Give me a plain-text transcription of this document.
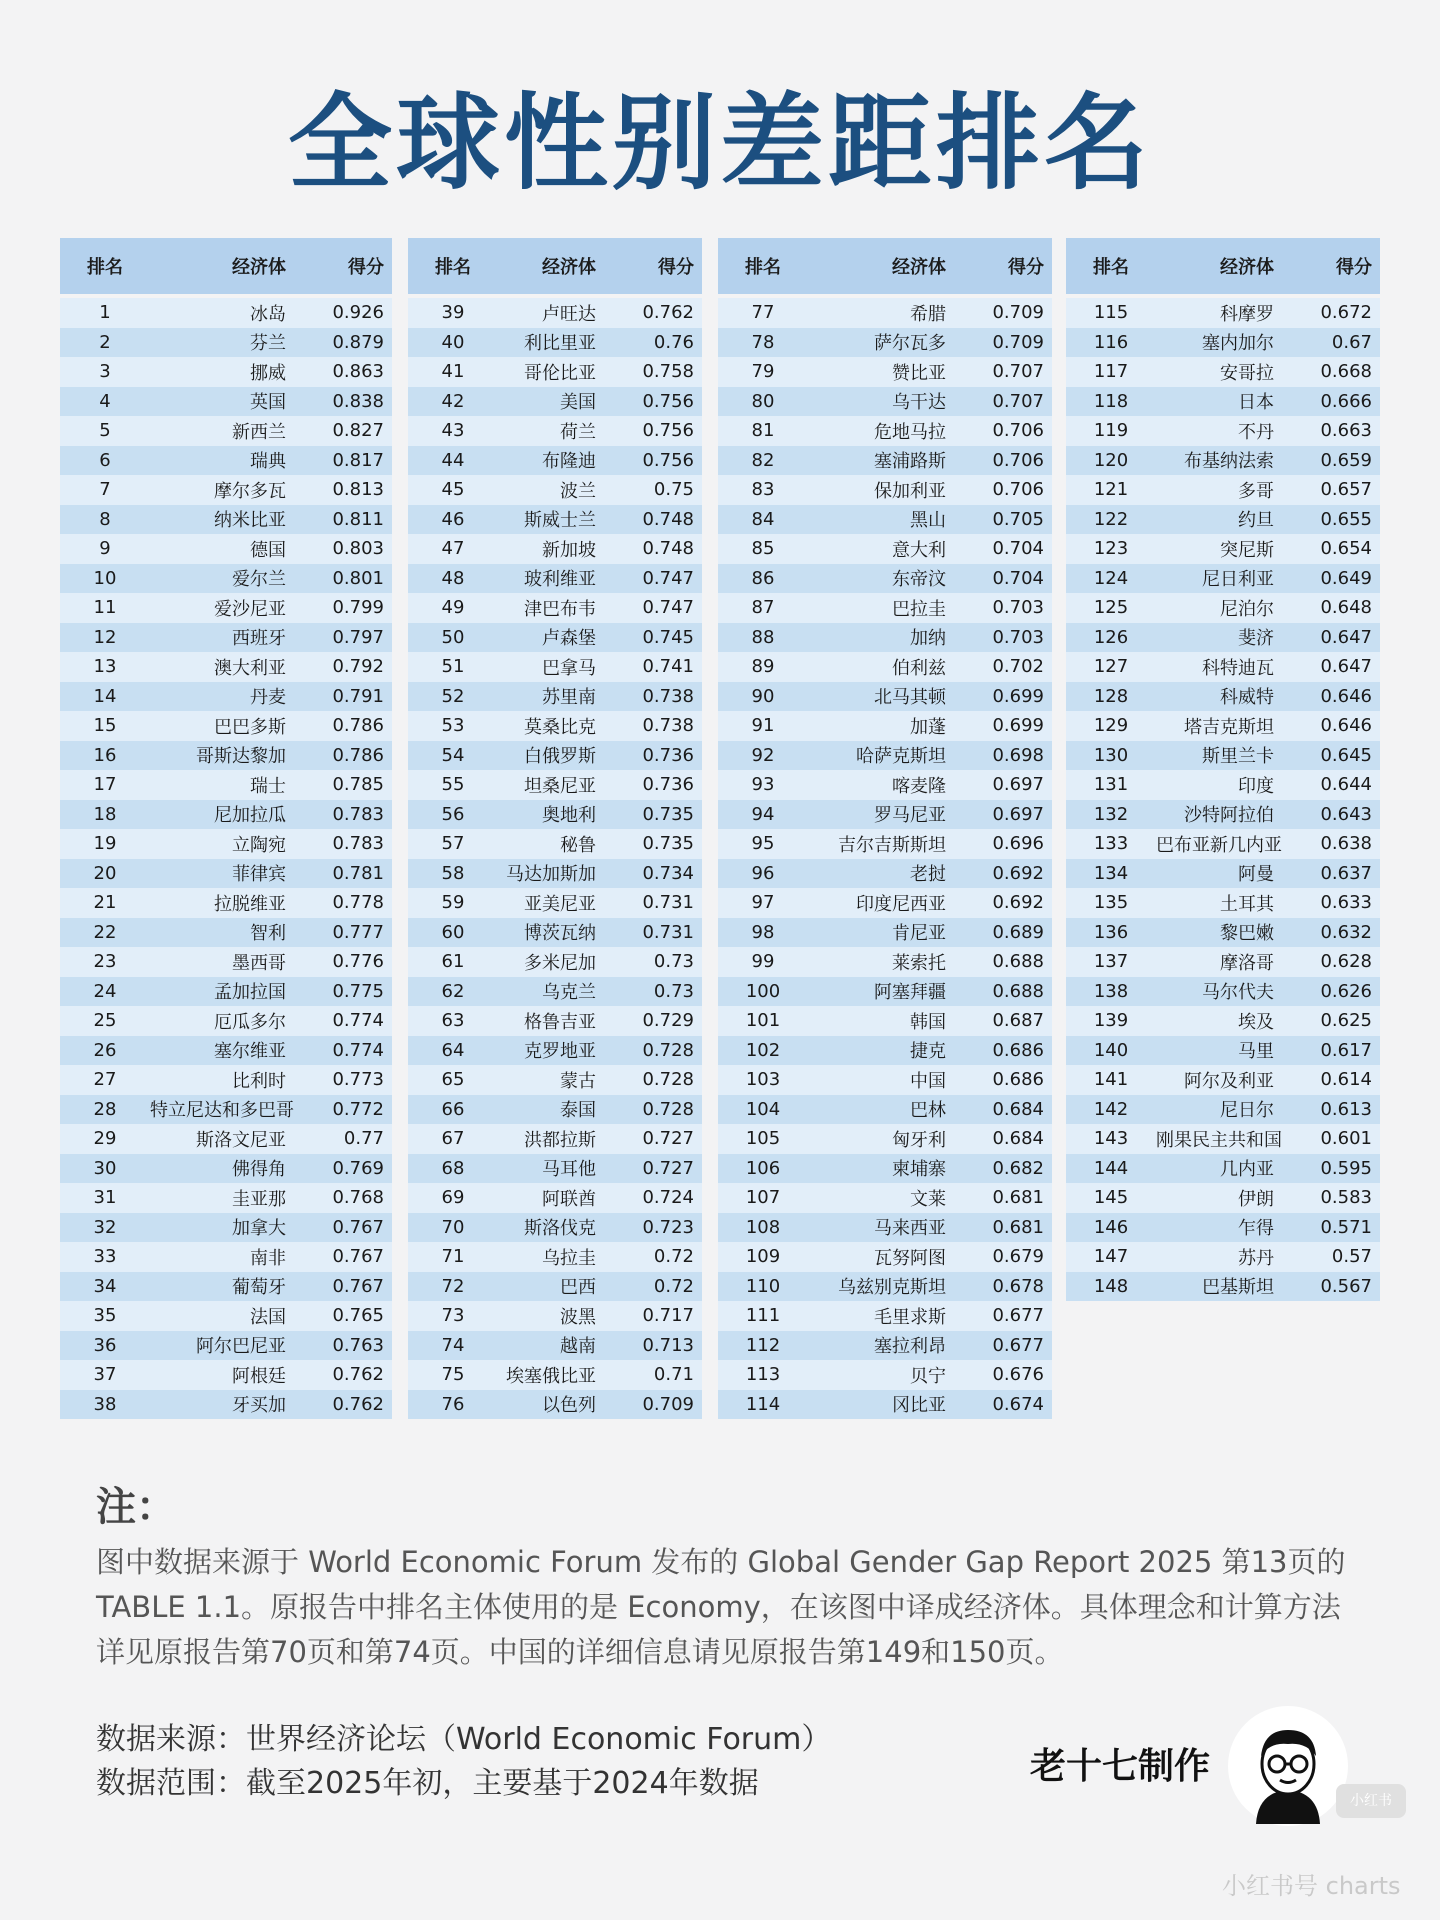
全球性别差距排名
排名	经济体	得分
1	冰岛	0.926
2	芬兰	0.879
3	挪威	0.863
4	英国	0.838
5	新西兰	0.827
6	瑞典	0.817
7	摩尔多瓦	0.813
8	纳米比亚	0.811
9	德国	0.803
10	爱尔兰	0.801
11	爱沙尼亚	0.799
12	西班牙	0.797
13	澳大利亚	0.792
14	丹麦	0.791
15	巴巴多斯	0.786
16	哥斯达黎加	0.786
17	瑞士	0.785
18	尼加拉瓜	0.783
19	立陶宛	0.783
20	菲律宾	0.781
21	拉脱维亚	0.778
22	智利	0.777
23	墨西哥	0.776
24	孟加拉国	0.775
25	厄瓜多尔	0.774
26	塞尔维亚	0.774
27	比利时	0.773
28	特立尼达和多巴哥	0.772
29	斯洛文尼亚	0.77
30	佛得角	0.769
31	圭亚那	0.768
32	加拿大	0.767
33	南非	0.767
34	葡萄牙	0.767
35	法国	0.765
36	阿尔巴尼亚	0.763
37	阿根廷	0.762
38	牙买加	0.762
排名	经济体	得分
39	卢旺达	0.762
40	利比里亚	0.76
41	哥伦比亚	0.758
42	美国	0.756
43	荷兰	0.756
44	布隆迪	0.756
45	波兰	0.75
46	斯威士兰	0.748
47	新加坡	0.748
48	玻利维亚	0.747
49	津巴布韦	0.747
50	卢森堡	0.745
51	巴拿马	0.741
52	苏里南	0.738
53	莫桑比克	0.738
54	白俄罗斯	0.736
55	坦桑尼亚	0.736
56	奥地利	0.735
57	秘鲁	0.735
58	马达加斯加	0.734
59	亚美尼亚	0.731
60	博茨瓦纳	0.731
61	多米尼加	0.73
62	乌克兰	0.73
63	格鲁吉亚	0.729
64	克罗地亚	0.728
65	蒙古	0.728
66	泰国	0.728
67	洪都拉斯	0.727
68	马耳他	0.727
69	阿联酋	0.724
70	斯洛伐克	0.723
71	乌拉圭	0.72
72	巴西	0.72
73	波黑	0.717
74	越南	0.713
75	埃塞俄比亚	0.71
76	以色列	0.709
排名	经济体	得分
77	希腊	0.709
78	萨尔瓦多	0.709
79	赞比亚	0.707
80	乌干达	0.707
81	危地马拉	0.706
82	塞浦路斯	0.706
83	保加利亚	0.706
84	黑山	0.705
85	意大利	0.704
86	东帝汶	0.704
87	巴拉圭	0.703
88	加纳	0.703
89	伯利兹	0.702
90	北马其顿	0.699
91	加蓬	0.699
92	哈萨克斯坦	0.698
93	喀麦隆	0.697
94	罗马尼亚	0.697
95	吉尔吉斯斯坦	0.696
96	老挝	0.692
97	印度尼西亚	0.692
98	肯尼亚	0.689
99	莱索托	0.688
100	阿塞拜疆	0.688
101	韩国	0.687
102	捷克	0.686
103	中国	0.686
104	巴林	0.684
105	匈牙利	0.684
106	柬埔寨	0.682
107	文莱	0.681
108	马来西亚	0.681
109	瓦努阿图	0.679
110	乌兹别克斯坦	0.678
111	毛里求斯	0.677
112	塞拉利昂	0.677
113	贝宁	0.676
114	冈比亚	0.674
排名	经济体	得分
115	科摩罗	0.672
116	塞内加尔	0.67
117	安哥拉	0.668
118	日本	0.666
119	不丹	0.663
120	布基纳法索	0.659
121	多哥	0.657
122	约旦	0.655
123	突尼斯	0.654
124	尼日利亚	0.649
125	尼泊尔	0.648
126	斐济	0.647
127	科特迪瓦	0.647
128	科威特	0.646
129	塔吉克斯坦	0.646
130	斯里兰卡	0.645
131	印度	0.644
132	沙特阿拉伯	0.643
133	巴布亚新几内亚	0.638
134	阿曼	0.637
135	土耳其	0.633
136	黎巴嫩	0.632
137	摩洛哥	0.628
138	马尔代夫	0.626
139	埃及	0.625
140	马里	0.617
141	阿尔及利亚	0.614
142	尼日尔	0.613
143	刚果民主共和国	0.601
144	几内亚	0.595
145	伊朗	0.583
146	乍得	0.571
147	苏丹	0.57
148	巴基斯坦	0.567
注：
图中数据来源于 World Economic Forum 发布的 Global Gender Gap Report 2025 第13页的 TABLE 1.1。原报告中排名主体使用的是 Economy，在该图中译成经济体。具体理念和计算方法详见原报告第70页和第74页。中国的详细信息请见原报告第149和150页。
数据来源：世界经济论坛（World Economic Forum）
数据范围：截至2025年初，主要基于2024年数据	老十七制作
小红书
小红书号 charts
